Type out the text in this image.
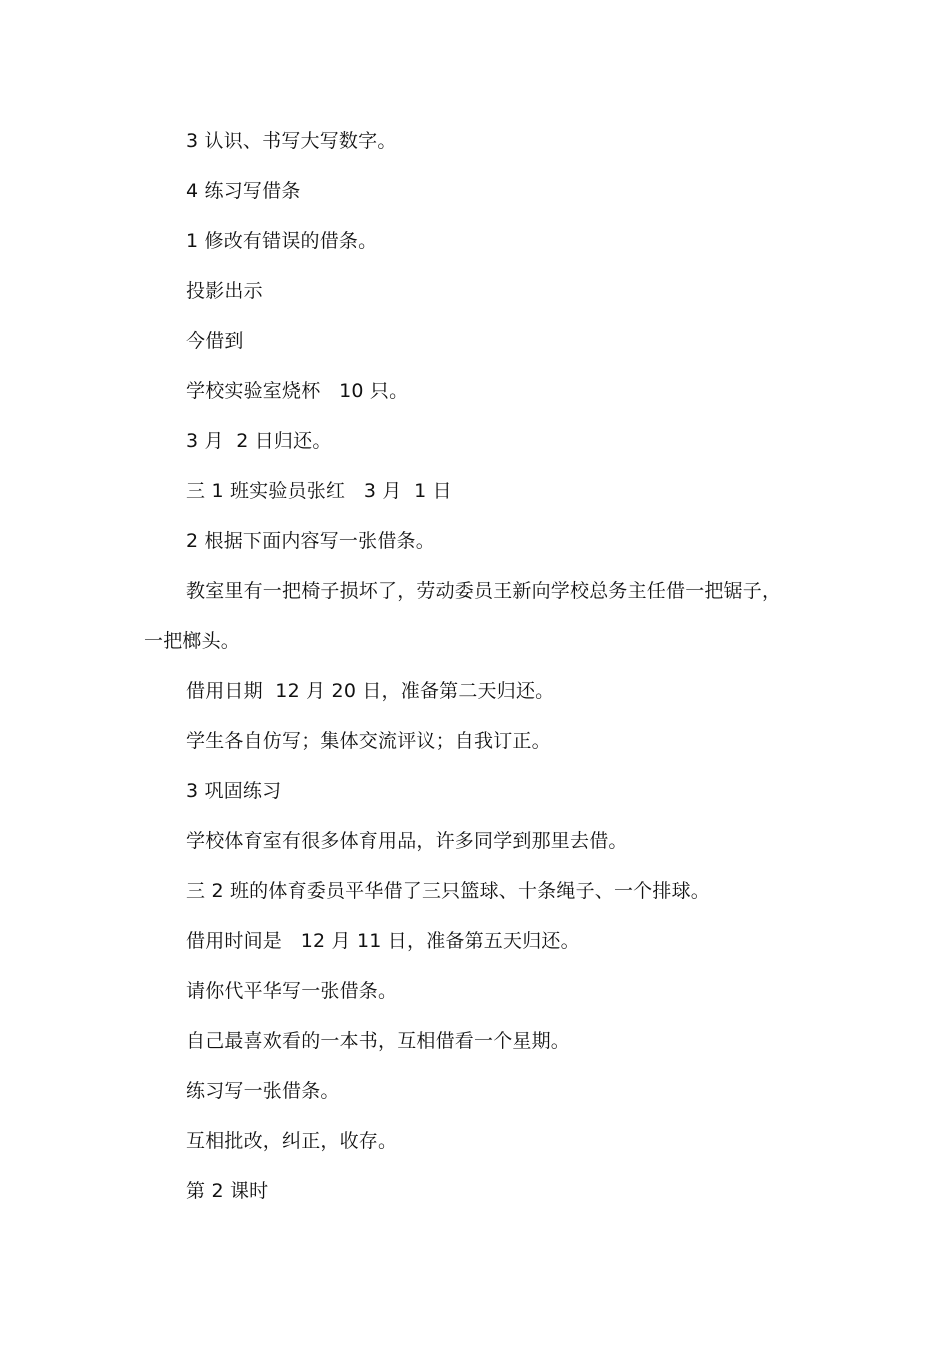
3 认识、书写大写数字。
4 练习写借条
1 修改有错误的借条。
投影出示
今借到
学校实验室烧杯   10 只。
3 月  2 日归还。
三 1 班实验员张红   3 月  1 日
2 根据下面内容写一张借条。
教室里有一把椅子损坏了，劳动委员王新向学校总务主任借一把锯子，
一把榔头。
借用日期  12 月 20 日，准备第二天归还。
学生各自仿写；集体交流评议；自我订正。
3 巩固练习
学校体育室有很多体育用品，许多同学到那里去借。
三 2 班的体育委员平华借了三只篮球、十条绳子、一个排球。
借用时间是   12 月 11 日，准备第五天归还。
请你代平华写一张借条。
自己最喜欢看的一本书，互相借看一个星期。
练习写一张借条。
互相批改，纠正，收存。
第 2 课时
